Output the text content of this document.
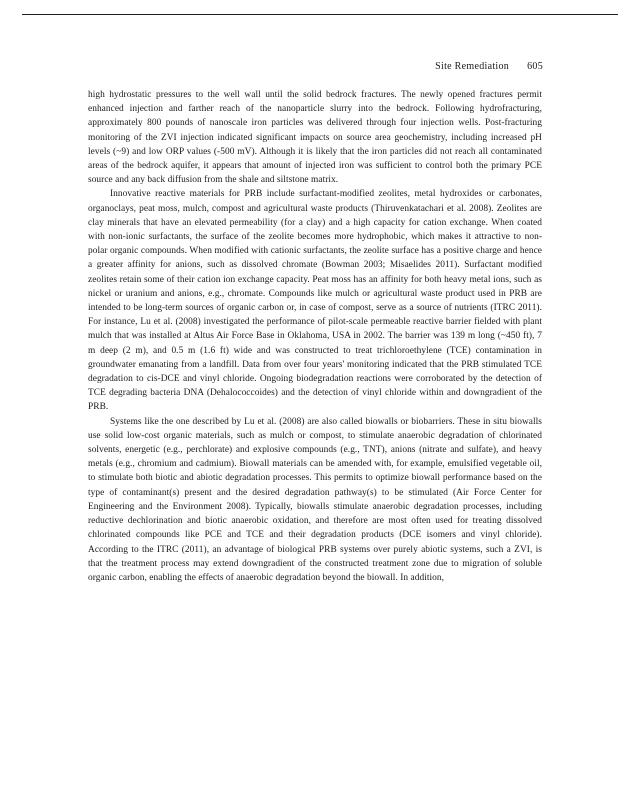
Site Remediation 605

high hydrostatic pressures to the well wall until the solid bedrock fractures. The newly opened fractures permit enhanced injection and farther reach of the nanoparticle slurry into the bedrock. Following hydrofracturing, approximately 800 pounds of nanoscale iron particles was delivered through four injection wells. Post-fracturing monitoring of the ZVI injection indicated significant impacts on source area geochemistry, including increased pH levels (~9) and low ORP values (-500 mV). Although it is likely that the iron particles did not reach all contaminated areas of the bedrock aquifer, it appears that amount of injected iron was sufficient to control both the primary PCE source and any back diffusion from the shale and siltstone matrix.

Innovative reactive materials for PRB include surfactant-modified zeolites, metal hydroxides or carbonates, organoclays, peat moss, mulch, compost and agricultural waste products (Thiruvenkatachari et al. 2008). Zeolites are clay minerals that have an elevated permeability (for a clay) and a high capacity for cation exchange. When coated with non-ionic surfactants, the surface of the zeolite becomes more hydrophobic, which makes it attractive to non-polar organic compounds. When modified with cationic surfactants, the zeolite surface has a positive charge and hence a greater affinity for anions, such as dissolved chromate (Bowman 2003; Misaelides 2011). Surfactant modified zeolites retain some of their cation ion exchange capacity. Peat moss has an affinity for both heavy metal ions, such as nickel or uranium and anions, e.g., chromate. Compounds like mulch or agricultural waste product used in PRB are intended to be long-term sources of organic carbon or, in case of compost, serve as a source of nutrients (ITRC 2011). For instance, Lu et al. (2008) investigated the performance of pilot-scale permeable reactive barrier fielded with plant mulch that was installed at Altus Air Force Base in Oklahoma, USA in 2002. The barrier was 139 m long (~450 ft), 7 m deep (2 m), and 0.5 m (1.6 ft) wide and was constructed to treat trichloroethylene (TCE) contamination in groundwater emanating from a landfill. Data from over four years' monitoring indicated that the PRB stimulated TCE degradation to cis-DCE and vinyl chloride. Ongoing biodegradation reactions were corroborated by the detection of TCE degrading bacteria DNA (Dehalococcoides) and the detection of vinyl chloride within and downgradient of the PRB.

Systems like the one described by Lu et al. (2008) are also called biowalls or biobarriers. These in situ biowalls use solid low-cost organic materials, such as mulch or compost, to stimulate anaerobic degradation of chlorinated solvents, energetic (e.g., perchlorate) and explosive compounds (e.g., TNT), anions (nitrate and sulfate), and heavy metals (e.g., chromium and cadmium). Biowall materials can be amended with, for example, emulsified vegetable oil, to stimulate both biotic and abiotic degradation processes. This permits to optimize biowall performance based on the type of contaminant(s) present and the desired degradation pathway(s) to be stimulated (Air Force Center for Engineering and the Environment 2008). Typically, biowalls stimulate anaerobic degradation processes, including reductive dechlorination and biotic anaerobic oxidation, and therefore are most often used for treating dissolved chlorinated compounds like PCE and TCE and their degradation products (DCE isomers and vinyl chloride). According to the ITRC (2011), an advantage of biological PRB systems over purely abiotic systems, such a ZVI, is that the treatment process may extend downgradient of the constructed treatment zone due to migration of soluble organic carbon, enabling the effects of anaerobic degradation beyond the biowall. In addition,
